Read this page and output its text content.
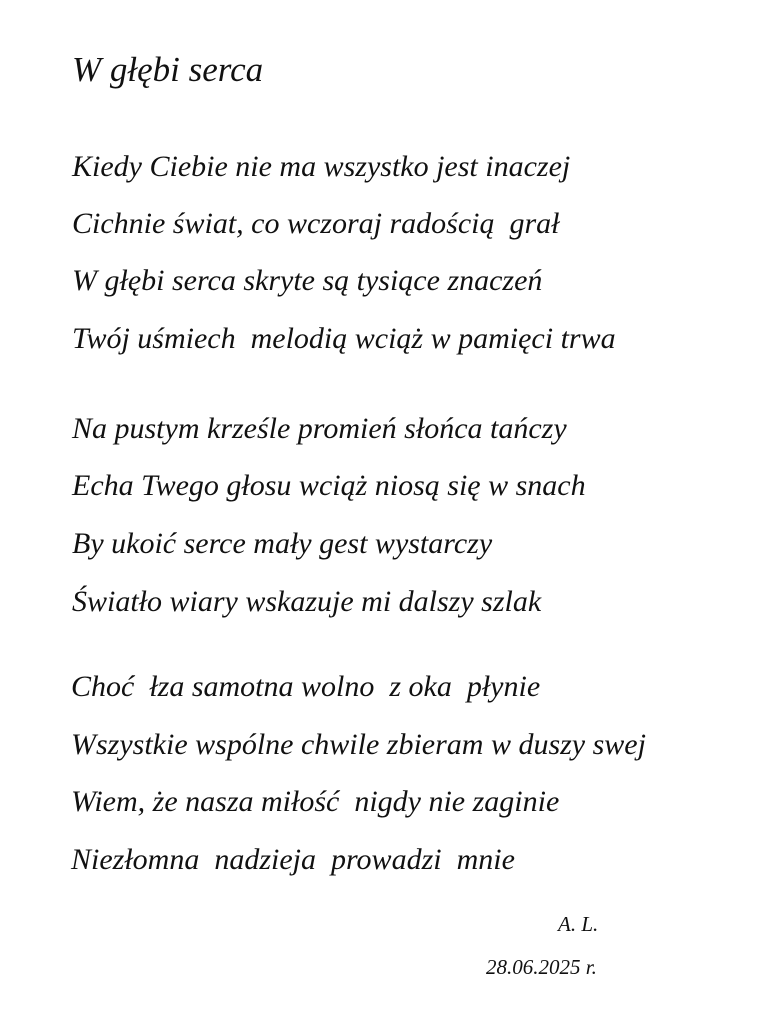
W głębi serca
Kiedy Ciebie nie ma wszystko jest inaczej
Cichnie świat, co wczoraj radością  grał
W głębi serca skryte są tysiące znaczeń
Twój uśmiech  melodią wciąż w pamięci trwa
Na pustym krześle promień słońca tańczy
Echa Twego głosu wciąż niosą się w snach
By ukoić serce mały gest wystarczy
Światło wiary wskazuje mi dalszy szlak
Choć  łza samotna wolno  z oka  płynie
Wszystkie wspólne chwile zbieram w duszy swej
Wiem, że nasza miłość  nigdy nie zaginie
Niezłomna  nadzieja  prowadzi  mnie
A. L.
28.06.2025 r.
